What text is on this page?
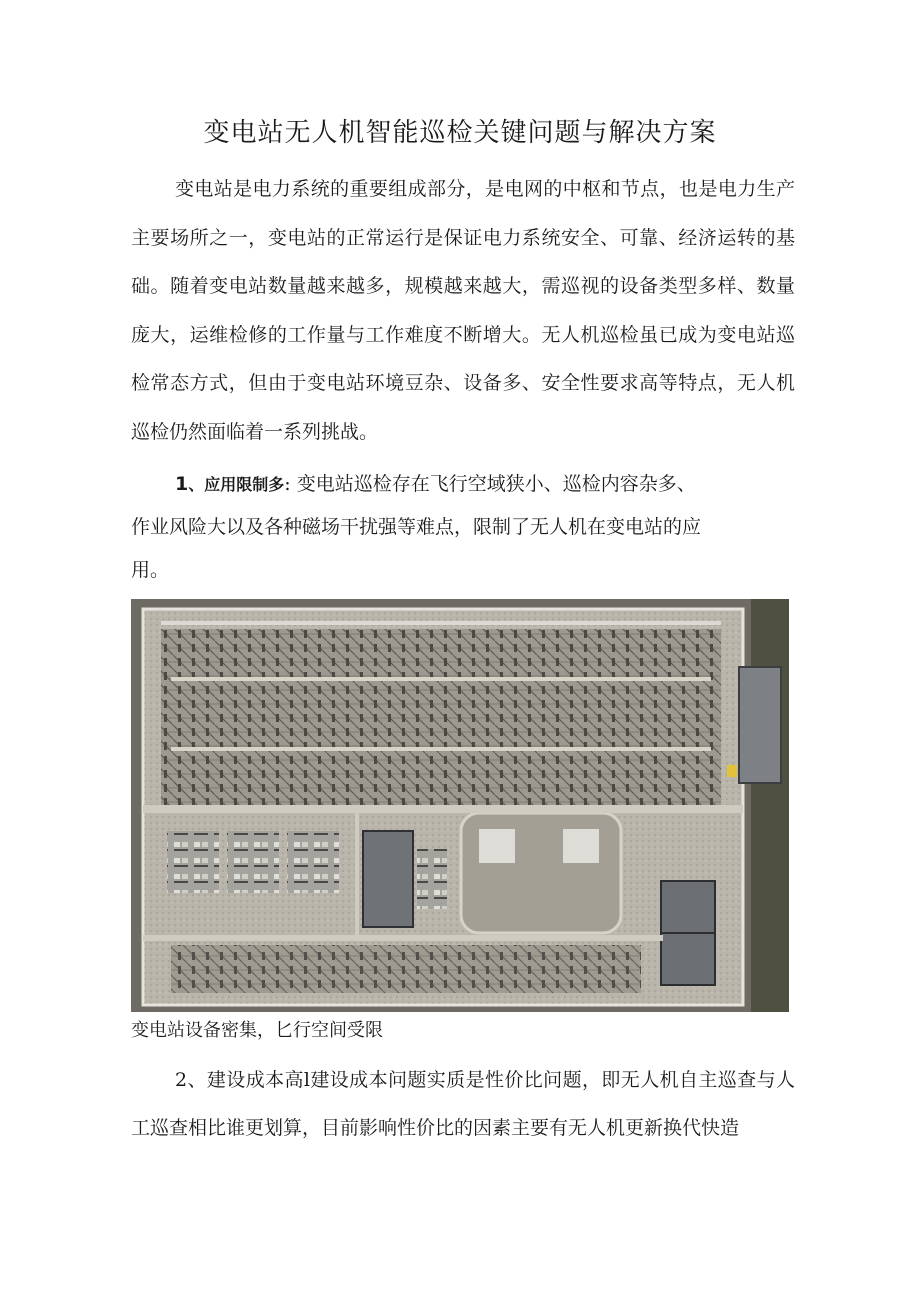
变电站无人机智能巡检关键问题与解决方案

变电站是电力系统的重要组成部分，是电网的中枢和节点，也是电力生产主要场所之一，变电站的正常运行是保证电力系统安全、可靠、经济运转的基础。随着变电站数量越来越多，规模越来越大，需巡视的设备类型多样、数量庞大，运维检修的工作量与工作难度不断增大。无人机巡检虽已成为变电站巡检常态方式，但由于变电站环境豆杂、设备多、安全性要求高等特点，无人机巡检仍然面临着一系列挑战。

1、应用限制多: 变电站巡检存在飞行空域狭小、巡检内容杂多、
作业风险大以及各种磁场干扰强等难点，限制了无人机在变电站的应
用。
变电站设备密集，匕行空间受限

2、建设成本高l建设成本问题实质是性价比问题，即无人机自主巡查与人工巡查相比谁更划算，目前影响性价比的因素主要有无人机更新换代快造
